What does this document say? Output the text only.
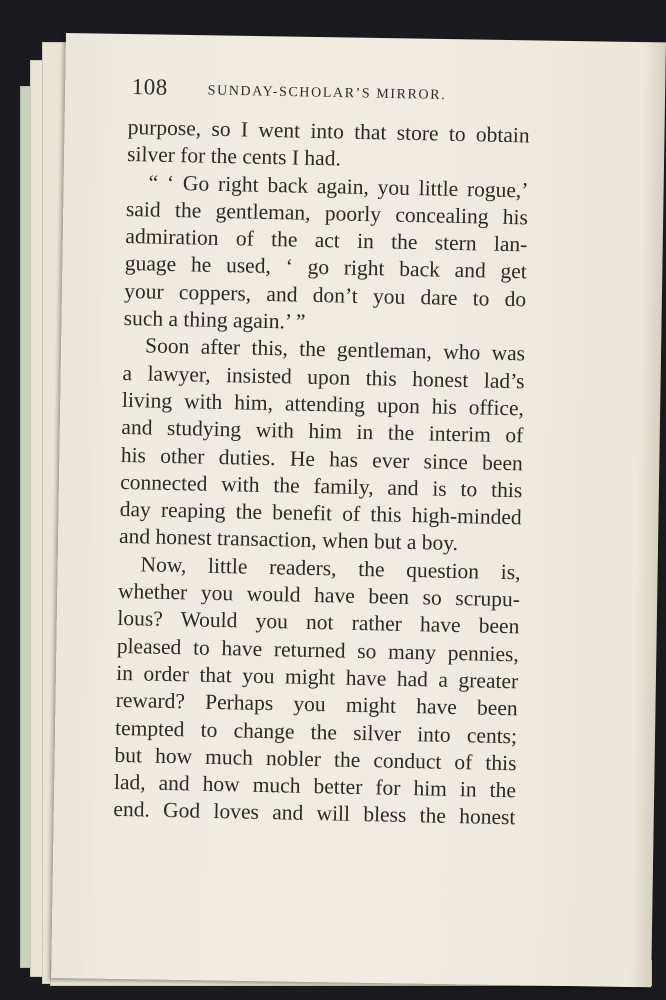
108	SUNDAY-SCHOLAR’S MIRROR.
purpose, so I went into that store to obtain
silver for the cents I had.
“ ‘ Go right back again, you little rogue,’
said the gentleman, poorly concealing his
admiration of the act in the stern lan-
guage he used, ‘ go right back and get
your coppers, and don’t you dare to do
such a thing again.’ ”
Soon after this, the gentleman, who was
a lawyer, insisted upon this honest lad’s
living with him, attending upon his office,
and studying with him in the interim of
his other duties. He has ever since been
connected with the family, and is to this
day reaping the benefit of this high-minded
and honest transaction, when but a boy.
Now, little readers, the question is,
whether you would have been so scrupu-
lous? Would you not rather have been
pleased to have returned so many pennies,
in order that you might have had a greater
reward? Perhaps you might have been
tempted to change the silver into cents;
but how much nobler the conduct of this
lad, and how much better for him in the
end. God loves and will bless the honest
